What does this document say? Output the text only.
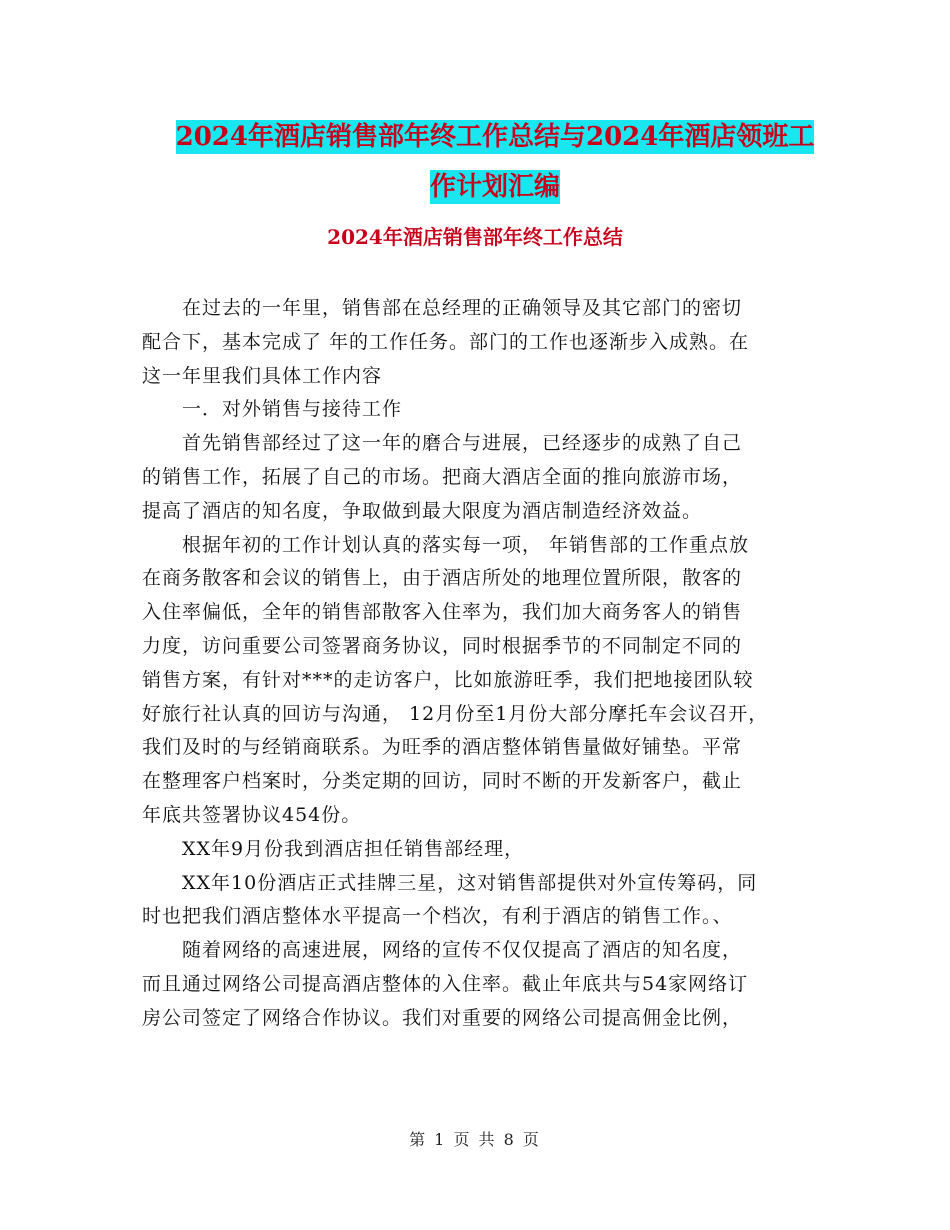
2024年酒店销售部年终工作总结与2024年酒店领班工
作计划汇编
2024年酒店销售部年终工作总结
在过去的一年里，销售部在总经理的正确领导及其它部门的密切
配合下，基本完成了 年的工作任务。部门的工作也逐渐步入成熟。在
这一年里我们具体工作内容
一．对外销售与接待工作
首先销售部经过了这一年的磨合与进展，已经逐步的成熟了自己
的销售工作，拓展了自己的市场。把商大酒店全面的推向旅游市场，
提高了酒店的知名度，争取做到最大限度为酒店制造经济效益。
根据年初的工作计划认真的落实每一项， 年销售部的工作重点放
在商务散客和会议的销售上，由于酒店所处的地理位置所限，散客的
入住率偏低，全年的销售部散客入住率为，我们加大商务客人的销售
力度，访问重要公司签署商务协议，同时根据季节的不同制定不同的
销售方案，有针对***的走访客户，比如旅游旺季，我们把地接团队较
好旅行社认真的回访与沟通， 12月份至1月份大部分摩托车会议召开，
我们及时的与经销商联系。为旺季的酒店整体销售量做好铺垫。平常
在整理客户档案时，分类定期的回访，同时不断的开发新客户，截止
年底共签署协议454份。
XX年9月份我到酒店担任销售部经理，
XX年10份酒店正式挂牌三星，这对销售部提供对外宣传筹码，同
时也把我们酒店整体水平提高一个档次，有利于酒店的销售工作。、
随着网络的高速进展，网络的宣传不仅仅提高了酒店的知名度，
而且通过网络公司提高酒店整体的入住率。截止年底共与54家网络订
房公司签定了网络合作协议。我们对重要的网络公司提高佣金比例，
第 1 页 共 8 页
